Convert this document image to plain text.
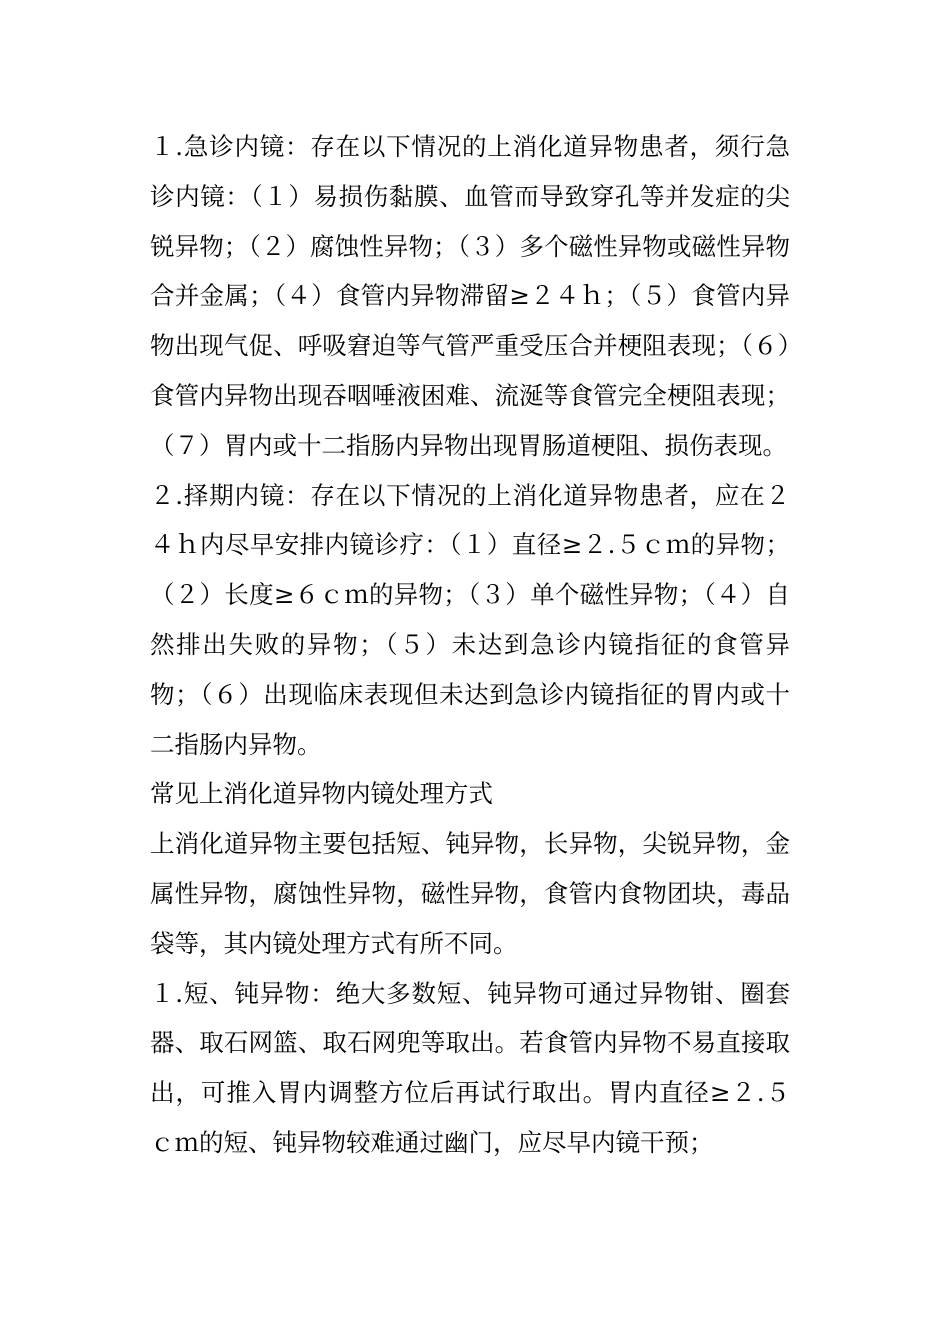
１.急诊内镜：存在以下情况的上消化道异物患者，须行急诊内镜：（１）易损伤黏膜、血管而导致穿孔等并发症的尖锐异物；（２）腐蚀性异物；（３）多个磁性异物或磁性异物合并金属；（４）食管内异物滞留≥２４ｈ；（５）食管内异物出现气促、呼吸窘迫等气管严重受压合并梗阻表现；（６）食管内异物出现吞咽唾液困难、流涎等食管完全梗阻表现；（７）胃内或十二指肠内异物出现胃肠道梗阻、损伤表现。

２.择期内镜：存在以下情况的上消化道异物患者，应在２４ｈ内尽早安排内镜诊疗：（１）直径≥２.５ｃｍ的异物；（２）长度≥６ｃｍ的异物；（３）单个磁性异物；（４）自然排出失败的异物；（５）未达到急诊内镜指征的食管异物；（６）出现临床表现但未达到急诊内镜指征的胃内或十二指肠内异物。

常见上消化道异物内镜处理方式

上消化道异物主要包括短、钝异物，长异物，尖锐异物，金属性异物，腐蚀性异物，磁性异物，食管内食物团块，毒品袋等，其内镜处理方式有所不同。

１.短、钝异物：绝大多数短、钝异物可通过异物钳、圈套器、取石网篮、取石网兜等取出。若食管内异物不易直接取出，可推入胃内调整方位后再试行取出。胃内直径≥２.５ｃｍ的短、钝异物较难通过幽门，应尽早内镜干预；
